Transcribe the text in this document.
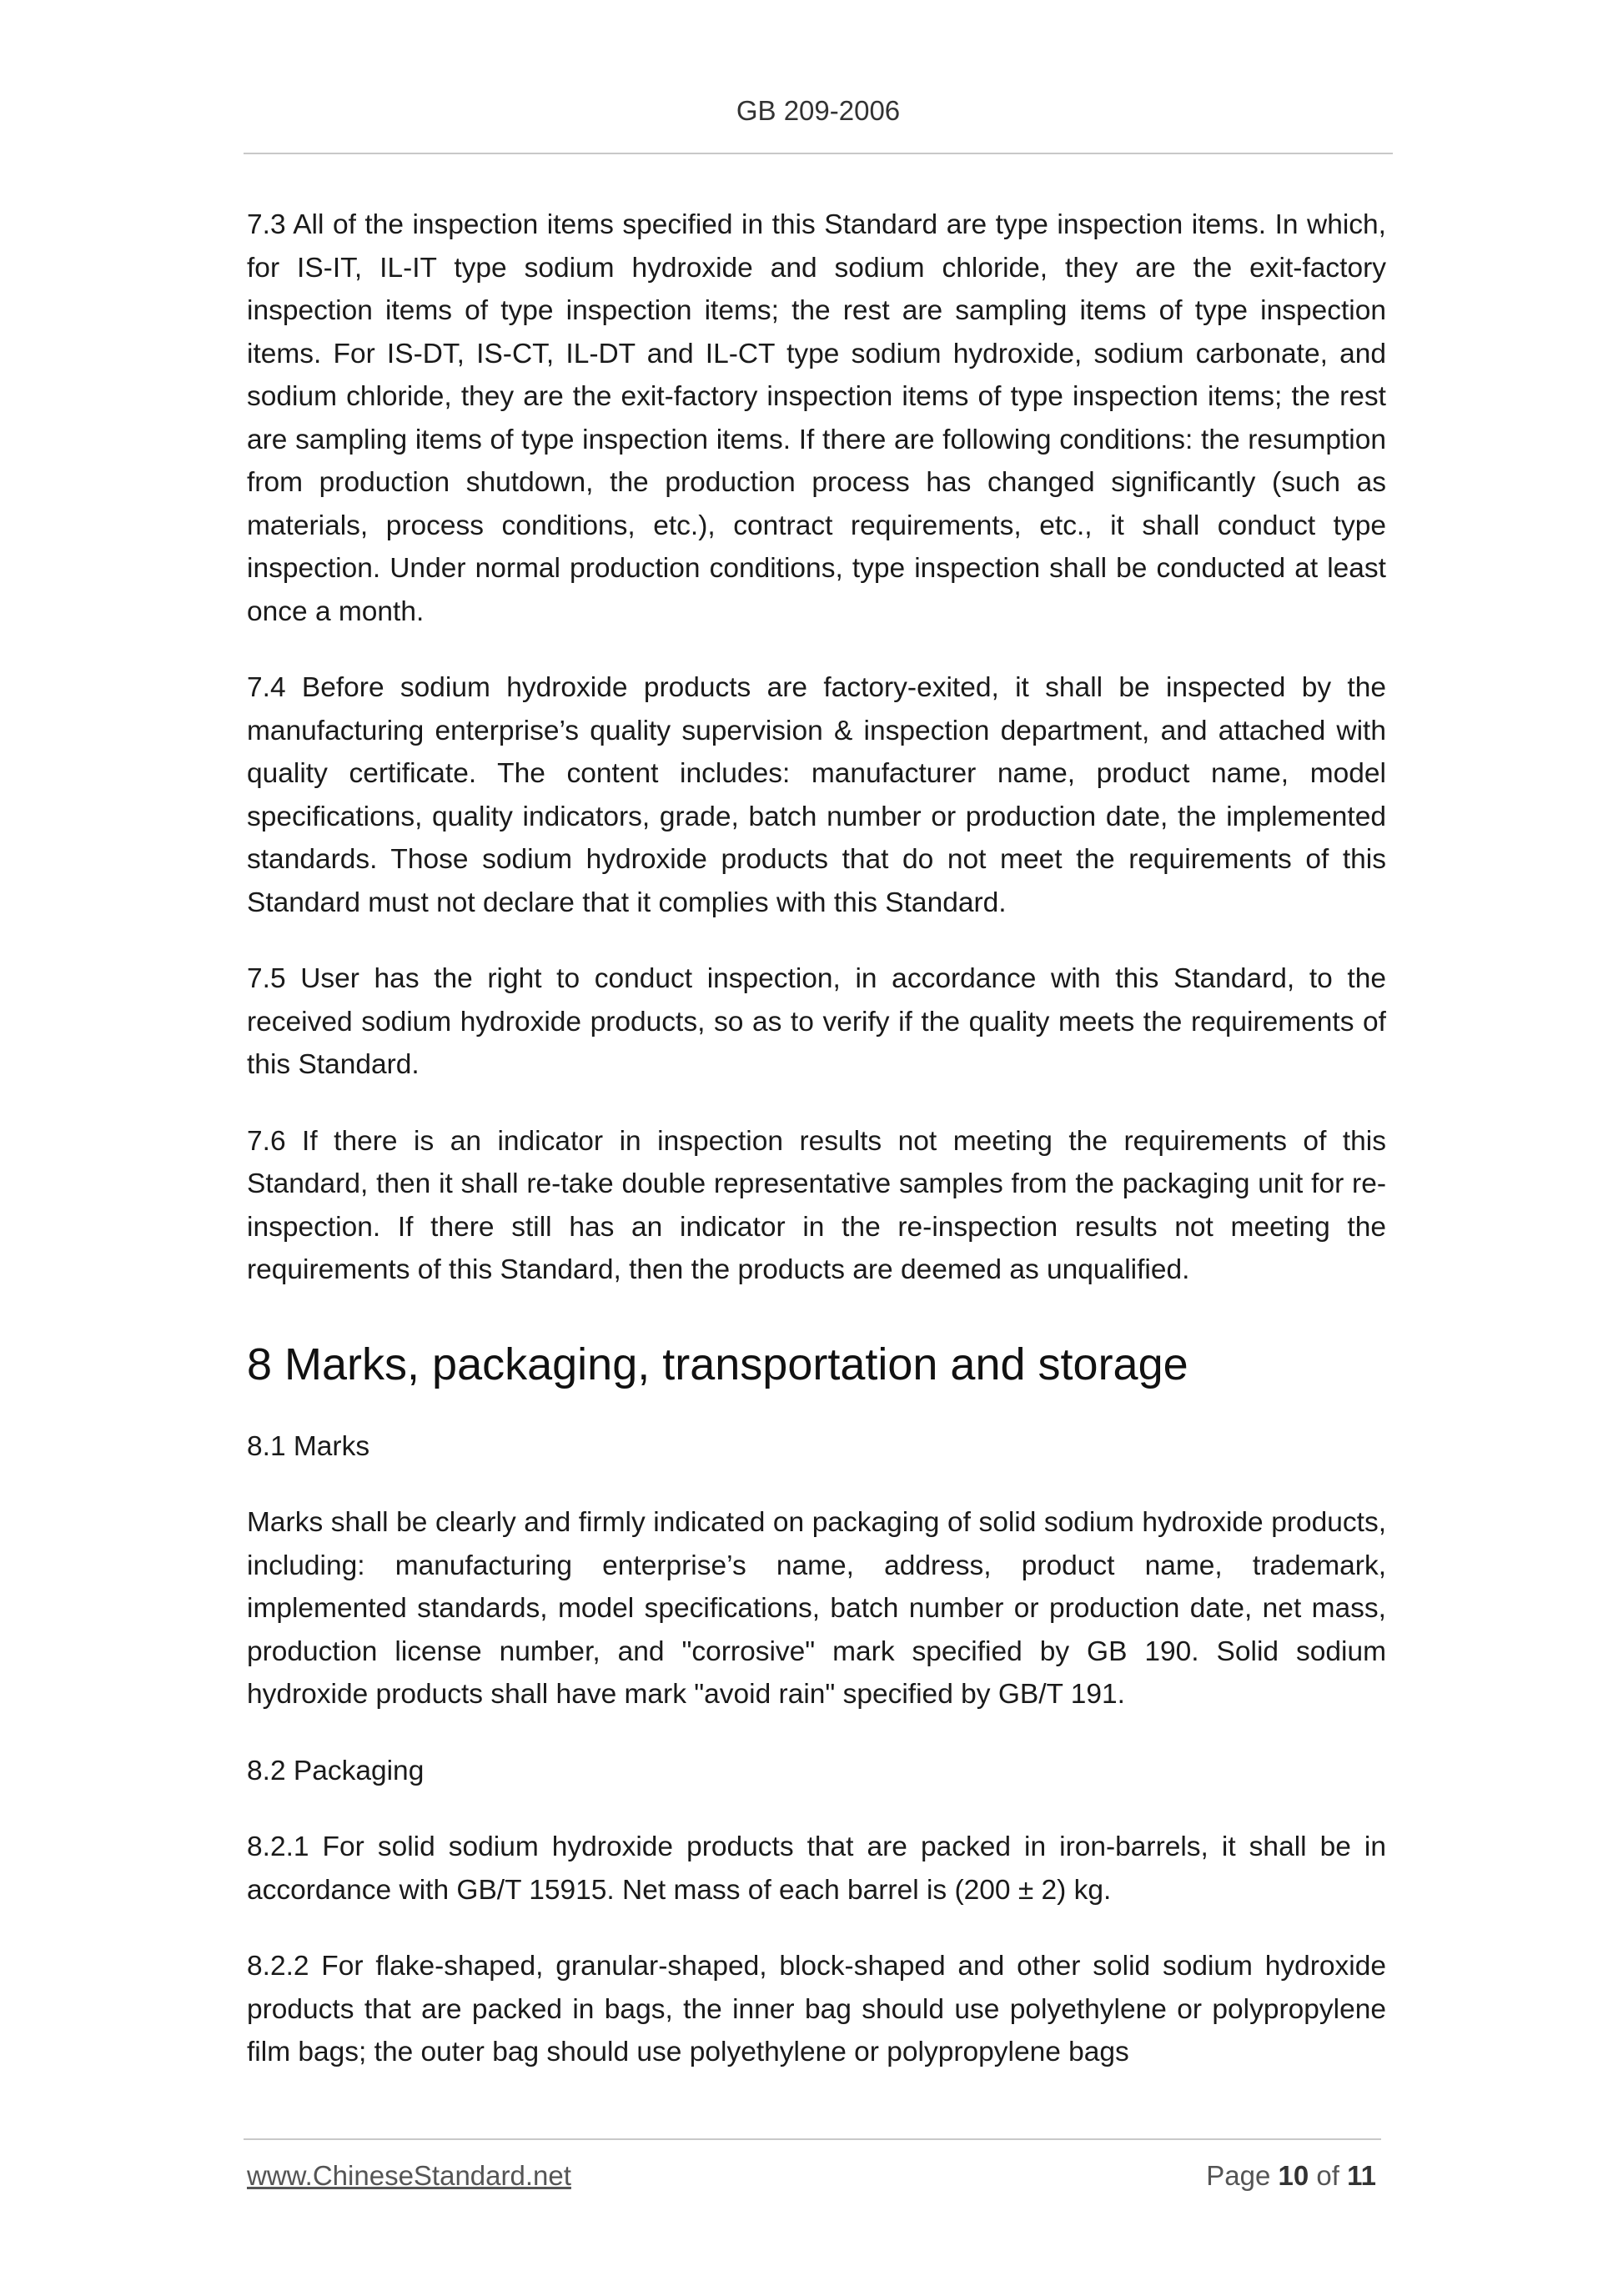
GB 209-2006

7.3 All of the inspection items specified in this Standard are type inspection items. In which, for IS-IT, IL-IT type sodium hydroxide and sodium chloride, they are the exit-factory inspection items of type inspection items; the rest are sampling items of type inspection items. For IS-DT, IS-CT, IL-DT and IL-CT type sodium hydroxide, sodium carbonate, and sodium chloride, they are the exit-factory inspection items of type inspection items; the rest are sampling items of type inspection items. If there are following conditions: the resumption from production shutdown, the production process has changed significantly (such as materials, process conditions, etc.), contract requirements, etc., it shall conduct type inspection. Under normal production conditions, type inspection shall be conducted at least once a month.

7.4 Before sodium hydroxide products are factory-exited, it shall be inspected by the manufacturing enterprise’s quality supervision & inspection department, and attached with quality certificate. The content includes: manufacturer name, product name, model specifications, quality indicators, grade, batch number or production date, the implemented standards. Those sodium hydroxide products that do not meet the requirements of this Standard must not declare that it complies with this Standard.

7.5 User has the right to conduct inspection, in accordance with this Standard, to the received sodium hydroxide products, so as to verify if the quality meets the requirements of this Standard.

7.6 If there is an indicator in inspection results not meeting the requirements of this Standard, then it shall re-take double representative samples from the packaging unit for re-inspection. If there still has an indicator in the re-inspection results not meeting the requirements of this Standard, then the products are deemed as unqualified.

8 Marks, packaging, transportation and storage

8.1 Marks

Marks shall be clearly and firmly indicated on packaging of solid sodium hydroxide products, including: manufacturing enterprise’s name, address, product name, trademark, implemented standards, model specifications, batch number or production date, net mass, production license number, and "corrosive" mark specified by GB 190. Solid sodium hydroxide products shall have mark "avoid rain" specified by GB/T 191.

8.2 Packaging

8.2.1 For solid sodium hydroxide products that are packed in iron-barrels, it shall be in accordance with GB/T 15915. Net mass of each barrel is (200 ± 2) kg.

8.2.2 For flake-shaped, granular-shaped, block-shaped and other solid sodium hydroxide products that are packed in bags, the inner bag should use polyethylene or polypropylene film bags; the outer bag should use polyethylene or polypropylene bags

www.ChineseStandard.net	Page 10 of 11
